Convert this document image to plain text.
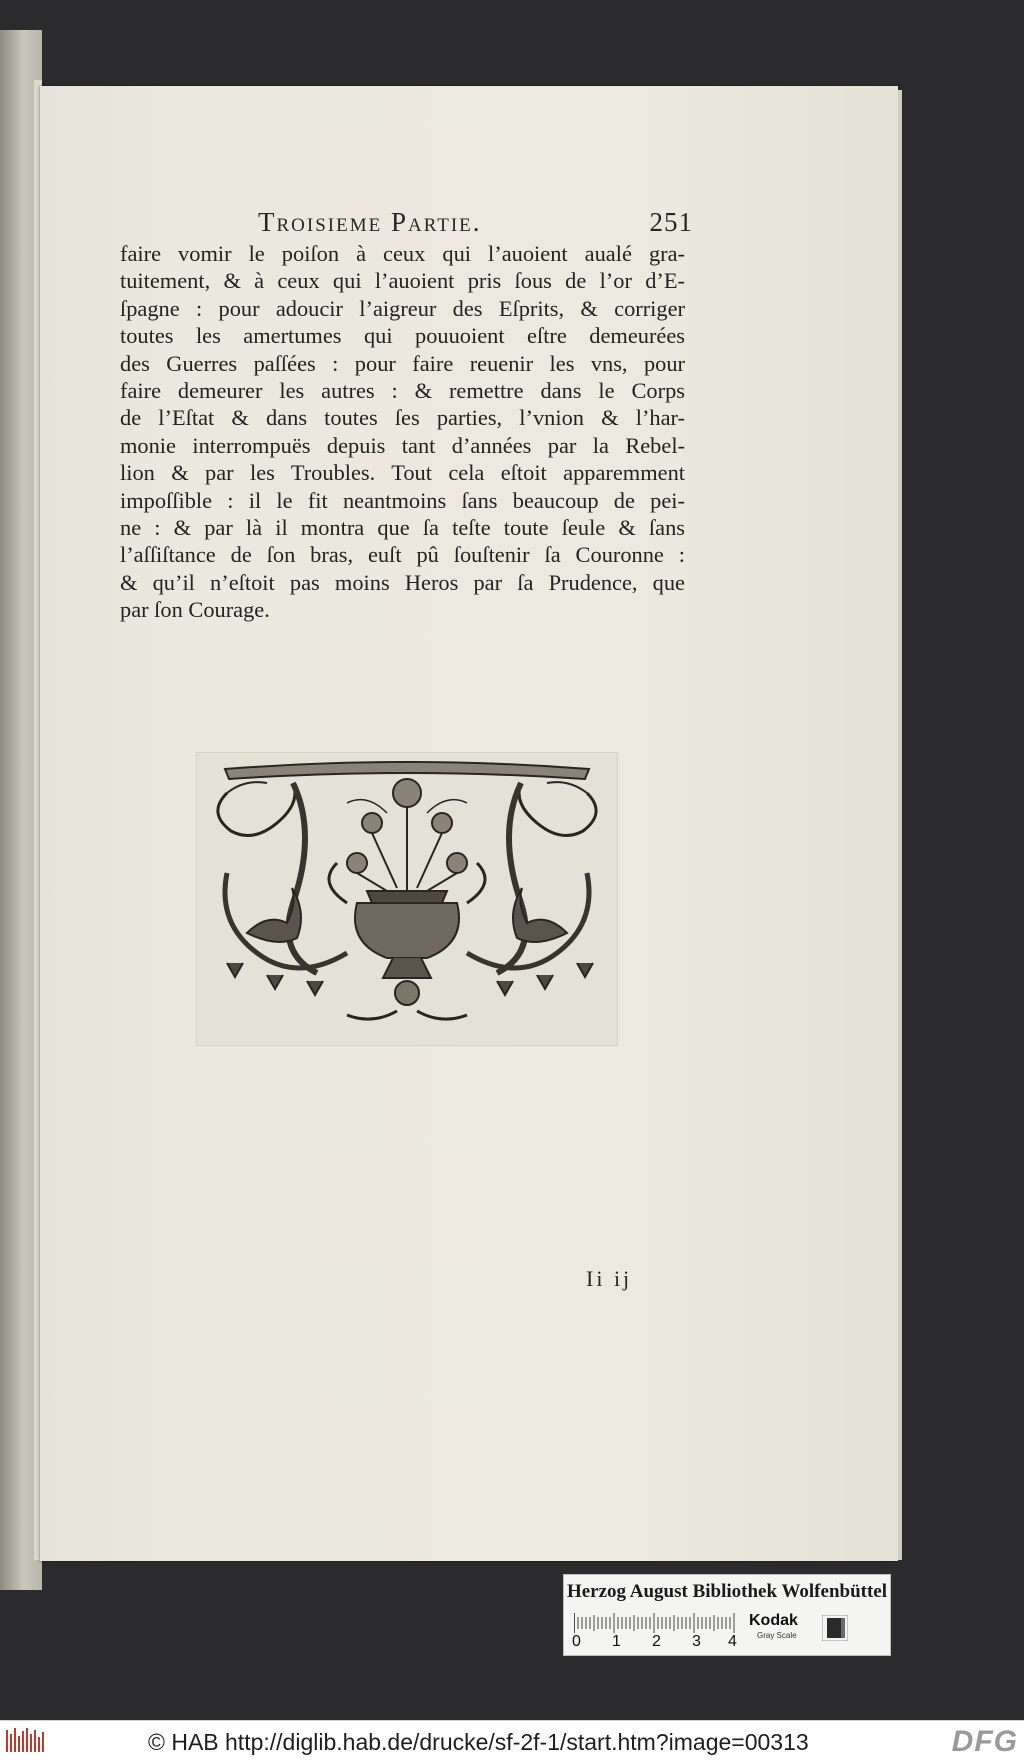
Troisieme Partie.	251
faire vomir le poiſon à ceux qui l’auoient aualé gra-
tuitement, & à ceux qui l’auoient pris ſous de l’or d’E-
ſpagne : pour adoucir l’aigreur des Eſprits, & corriger
toutes les amertumes qui pouuoient eſtre demeurées
des Guerres paſſées : pour faire reuenir les vns, pour
faire demeurer les autres : & remettre dans le Corps
de l’Eſtat & dans toutes ſes parties, l’vnion & l’har-
monie interrompuës depuis tant d’années par la Rebel-
lion & par les Troubles. Tout cela eſtoit apparemment
impoſſible : il le fit neantmoins ſans beaucoup de pei-
ne : & par là il montra que ſa teſte toute ſeule & ſans
l’aſſiſtance de ſon bras, euſt pû ſouſtenir ſa Couronne :
& qu’il n’eſtoit pas moins Heros par ſa Prudence, que
par ſon Courage.
Ii ij
Herzog August Bibliothek Wolfenbüttel
0 1 2 3 4
Kodak
Gray Scale
© HAB http://diglib.hab.de/drucke/sf-2f-1/start.htm?image=00313	DFG
